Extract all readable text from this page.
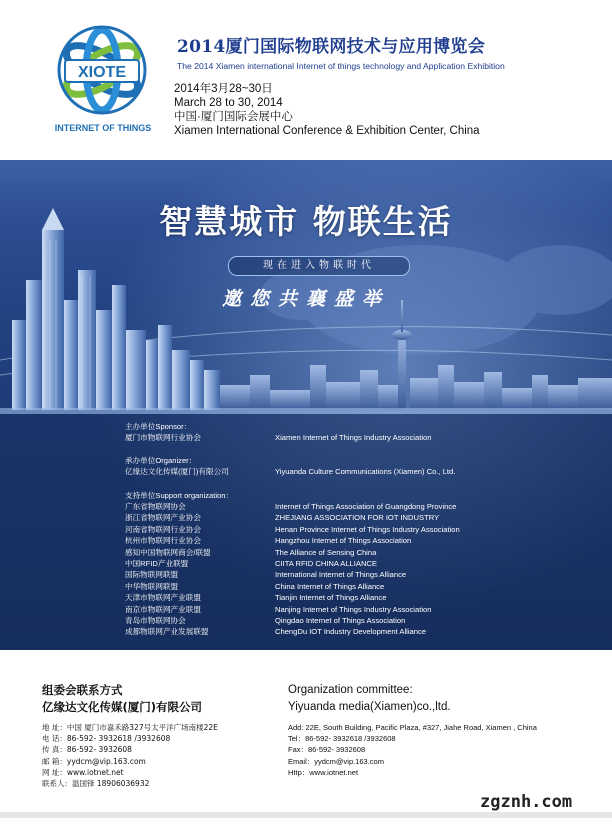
XIOTE
INTERNET OF THINGS
2014厦门国际物联网技术与应用博览会
The 2014 Xiamen international Internet of things technology and Application Exhibition
2014年3月28~30日
March 28 to 30, 2014
中国·厦门国际会展中心
Xiamen International Conference & Exhibition Center, China
智慧城市 物联生活
现在进入物联时代
邀您共襄盛举
主办单位Sponsor：
厦门市物联网行业协会	Xiamen Internet of Things Industry Association
承办单位Organizer：
亿缘达文化传媒(厦门)有限公司	Yiyuanda Culture Communications (Xiamen) Co., Ltd.
支持单位Support organization：
广东省物联网协会	Internet of Things Association of Guangdong Province
浙江省物联网产业协会	ZHEJIANG ASSOCIATION FOR IOT INDUSTRY
河南省物联网行业协会	Henan Province Internet of Things Industry Association
杭州市物联网行业协会	Hangzhou Internet of Things Association
感知中国物联网商会/联盟	The Alliance of Sensing China
中国RFID产业联盟	CIITA RFID CHINA ALLIANCE
国际物联网联盟	International Internet of Things Alliance
中华物联网联盟	China Internet of Things Alliance
天津市物联网产业联盟	Tianjin Internet of Things Alliance
南京市物联网产业联盟	Nanjing Internet of Things Industry Association
青岛市物联网协会	Qingdao Internet of Things Association
成都物联网产业发展联盟	ChengDu IOT Industry Development Alliance
组委会联系方式
亿缘达文化传媒(厦门)有限公司
地 址：中国 厦门市嘉禾路327号太平洋广场南楼22E
电 话：86-592- 3932618 /3932608
传 真：86-592- 3932608
邮 箱：yydcm@vip.163.com
网 址：www.iotnet.net
联系人：温国锋 18906036932
Organization committee:
Yiyuanda media(Xiamen)co.,ltd.
Add: 22E, South Building, Pacific Plaza, #327, Jiahe Road, Xiamen , China
Tel：86-592- 3932618 /3932608
Fax：86-592- 3932608
Email：yydcm@vip.163.com
Http：www.iotnet.net
zgznh.com
